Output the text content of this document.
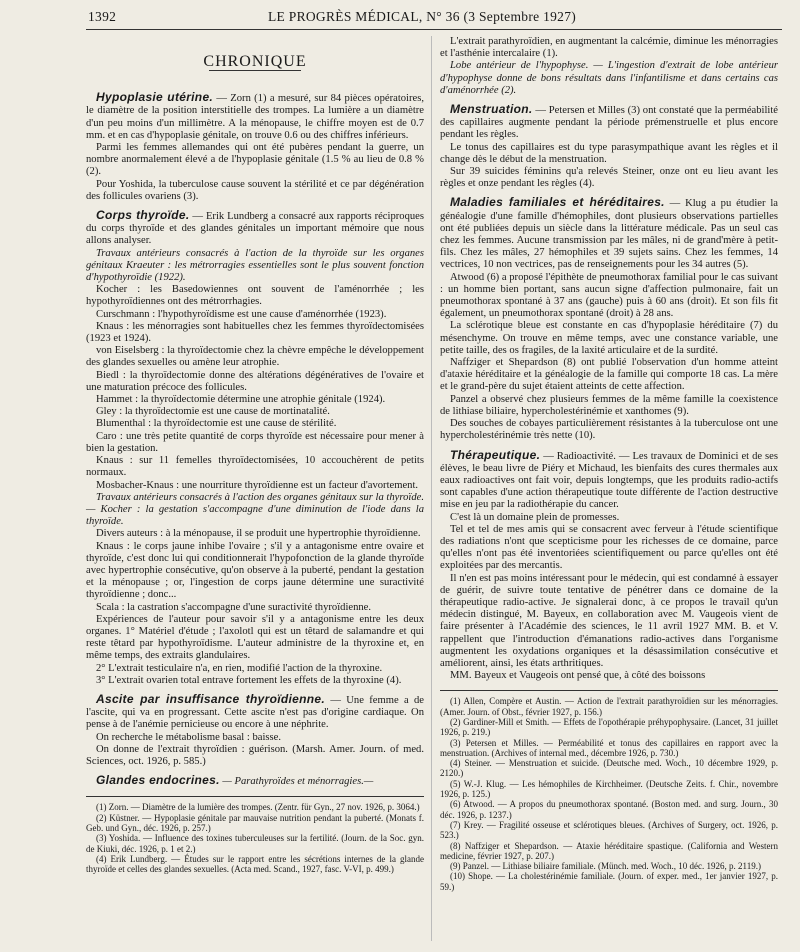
1392	LE PROGRÈS MÉDICAL, N° 36 (3 Septembre 1927)
CHRONIQUE

Hypoplasie utérine. — Zorn (1) a mesuré, sur 84 pièces opératoires, le diamètre de la position interstitielle des trompes. La lumière a un diamètre d'un peu moins d'un millimètre. A la ménopause, le chiffre moyen est de 0.7 mm. et en cas d'hypoplasie génitale, on trouve 0.6 ou des chiffres inférieurs.

Parmi les femmes allemandes qui ont été pubères pendant la guerre, un nombre anormalement élevé a de l'hypoplasie génitale (1.5 % au lieu de 0.8 % (2).

Pour Yoshida, la tuberculose cause souvent la stérilité et ce par dégénération des follicules ovariens (3).

Corps thyroïde. — Erik Lundberg a consacré aux rapports réciproques du corps thyroïde et des glandes génitales un important mémoire que nous allons analyser.

Travaux antérieurs consacrés à l'action de la thyroïde sur les organes génitaux Kraeuter : les métrorragies essentielles sont le plus souvent fonction d'hypothyroïdie (1922).

Kocher : les Basedowiennes ont souvent de l'aménorrhée ; les hypothyroïdiennes ont des métrorrhagies.

Curschmann : l'hypothyroïdisme est une cause d'aménorrhée (1923).

Knaus : les ménorragies sont habituelles chez les femmes thyroïdectomisées (1923 et 1924).

von Eiselsberg : la thyroïdectomie chez la chèvre empêche le développement des glandes sexuelles ou amène leur atrophie.

Biedl : la thyroïdectomie donne des altérations dégénératives de l'ovaire et une maturation précoce des follicules.

Hammet : la thyroïdectomie détermine une atrophie génitale (1924).

Gley : la thyroïdectomie est une cause de mortinatalité.

Blumenthal : la thyroïdectomie est une cause de stérilité.

Caro : une très petite quantité de corps thyroïde est nécessaire pour mener à bien la gestation.

Knaus : sur 11 femelles thyroïdectomisées, 10 accouchèrent de petits normaux.

Mosbacher-Knaus : une nourriture thyroïdienne est un facteur d'avortement.

Travaux antérieurs consacrés à l'action des organes génitaux sur la thyroïde. — Kocher : la gestation s'accompagne d'une diminution de l'iode dans la thyroïde.

Divers auteurs : à la ménopause, il se produit une hypertrophie thyroïdienne.

Knaus : le corps jaune inhibe l'ovaire ; s'il y a antagonisme entre ovaire et thyroïde, c'est donc lui qui conditionnerait l'hypofonction de la glande thyroïde avec hypertrophie consécutive, qu'on observe à la puberté, pendant la gestation et la ménopause ; or, l'ingestion de corps jaune détermine une suractivité thyroïdienne ; donc...

Scala : la castration s'accompagne d'une suractivité thyroïdienne.

Expériences de l'auteur pour savoir s'il y a antagonisme entre les deux organes. 1° Matériel d'étude ; l'axolotl qui est un têtard de salamandre et qui reste têtard par hypothyroïdisme. L'auteur administre de la thyroxine et, en même temps, des extraits glandulaires.

2° L'extrait testiculaire n'a, en rien, modifié l'action de la thyroxine.

3° L'extrait ovarien total entrave fortement les effets de la thyroxine (4).

Ascite par insuffisance thyroïdienne. — Une femme a de l'ascite, qui va en progressant. Cette ascite n'est pas d'origine cardiaque. On pense à de l'anémie pernicieuse ou encore à une néphrite.

On recherche le métabolisme basal : baisse.

On donne de l'extrait thyroïdien : guérison. (Marsh. Amer. Journ. of med. Sciences, oct. 1926, p. 585.)

Glandes endocrines. — Parathyroïdes et ménorragies.—

(1) Zorn. — Diamètre de la lumière des trompes. (Zentr. für Gyn., 27 nov. 1926, p. 3064.)

(2) Küstner. — Hypoplasie génitale par mauvaise nutrition pendant la puberté. (Monats f. Geb. und Gyn., déc. 1926, p. 257.)

(3) Yoshida. — Influence des toxines tuberculeuses sur la fertilité. (Journ. de la Soc. gyn. de Kiuki, déc. 1926, p. 1 et 2.)

(4) Erik Lundberg. — Études sur le rapport entre les sécrétions internes de la glande thyroïde et celles des glandes sexuelles. (Acta med. Scand., 1927, fasc. V-VI, p. 499.)

L'extrait parathyroïdien, en augmentant la calcémie, diminue les ménorragies et l'asthénie intercalaire (1).

Lobe antérieur de l'hypophyse. — L'ingestion d'extrait de lobe antérieur d'hypophyse donne de bons résultats dans l'infantilisme et dans certains cas d'aménorrhée (2).

Menstruation. — Petersen et Milles (3) ont constaté que la perméabilité des capillaires augmente pendant la période prémenstruelle et plus encore pendant les règles.

Le tonus des capillaires est du type parasympathique avant les règles et il change dès le début de la menstruation.

Sur 39 suicides féminins qu'a relevés Steiner, onze ont eu lieu avant les règles et onze pendant les règles (4).

Maladies familiales et héréditaires. — Klug a pu étudier la généalogie d'une famille d'hémophiles, dont plusieurs observations partielles ont été publiées depuis un siècle dans la littérature médicale. Pas un seul cas chez les femmes. Aucune transmission par les mâles, ni de grand'mère à petit-fils. Chez les mâles, 27 hémophiles et 39 sujets sains. Chez les femmes, 14 vectrices, 10 non vectrices, pas de renseignements pour les 34 autres (5).

Atwood (6) a proposé l'épithète de pneumothorax familial pour le cas suivant : un homme bien portant, sans aucun signe d'affection pulmonaire, fait un pneumothorax spontané à 37 ans (gauche) puis à 60 ans (droit). Et son fils fit également, un pneumothorax spontané (droit) à 28 ans.

La sclérotique bleue est constante en cas d'hypoplasie héréditaire (7) du mésenchyme. On trouve en même temps, avec une constance variable, une petite taille, des os fragiles, de la laxité articulaire et de la surdité.

Naffziger et Shepardson (8) ont publié l'observation d'un homme atteint d'ataxie héréditaire et la généalogie de la famille qui comporte 18 cas. La mère et le grand-père du sujet étaient atteints de cette affection.

Panzel a observé chez plusieurs femmes de la même famille la coexistence de lithiase biliaire, hypercholestérinémie et xanthomes (9).

Des souches de cobayes particulièrement résistantes à la tuberculose ont une hypercholestérinémie très nette (10).

Thérapeutique. — Radioactivité. — Les travaux de Dominici et de ses élèves, le beau livre de Piéry et Michaud, les bienfaits des cures thermales aux eaux radioactives ont fait voir, depuis longtemps, que les produits radio-actifs sont capables d'une action thérapeutique toute différente de l'action destructive mise en jeu par la radiothérapie du cancer.

C'est là un domaine plein de promesses.

Tel et tel de mes amis qui se consacrent avec ferveur à l'étude scientifique des radiations n'ont que scepticisme pour les richesses de ce domaine, parce qu'elles n'ont pas été inventoriées scientifiquement ou parce qu'elles ont été exploitées par des mercantis.

Il n'en est pas moins intéressant pour le médecin, qui est condamné à essayer de guérir, de suivre toute tentative de pénétrer dans ce domaine de la thérapeutique radio-active. Je signalerai donc, à ce propos le travail qu'un médecin distingué, M. Bayeux, en collaboration avec M. Vaugeois vient de faire présenter à l'Académie des sciences, le 11 avril 1927 MM. B. et V. rappellent que l'introduction d'émanations radio-actives dans l'organisme augmentent les oxydations organiques et la désassimilation consécutive et améliorent, ainsi, les états arthritiques.

MM. Bayeux et Vaugeois ont pensé que, à côté des boissons

(1) Allen, Compère et Austin. — Action de l'extrait parathyroïdien sur les ménorragies. (Amer. Journ. of Obst., février 1927, p. 156.)

(2) Gardiner-Mill et Smith. — Effets de l'opothérapie préhypophysaire. (Lancet, 31 juillet 1926, p. 219.)

(3) Petersen et Milles. — Perméabilité et tonus des capillaires en rapport avec la menstruation. (Archives of internal med., décembre 1926, p. 730.)

(4) Steiner. — Menstruation et suicide. (Deutsche med. Woch., 10 décembre 1929, p. 2120.)

(5) W.-J. Klug. — Les hémophiles de Kirchheimer. (Deutsche Zeits. f. Chir., novembre 1926, p. 125.)

(6) Atwood. — A propos du pneumothorax spontané. (Boston med. and surg. Journ., 30 déc. 1926, p. 1237.)

(7) Krey. — Fragilité osseuse et sclérotiques bleues. (Archives of Surgery, oct. 1926, p. 523.)

(8) Naffziger et Shepardson. — Ataxie héréditaire spastique. (California and Western medicine, février 1927, p. 207.)

(9) Panzel. — Lithiase biliaire familiale. (Münch. med. Woch., 10 déc. 1926, p. 2119.)

(10) Shope. — La cholestérinémie familiale. (Journ. of exper. med., 1er janvier 1927, p. 59.)
